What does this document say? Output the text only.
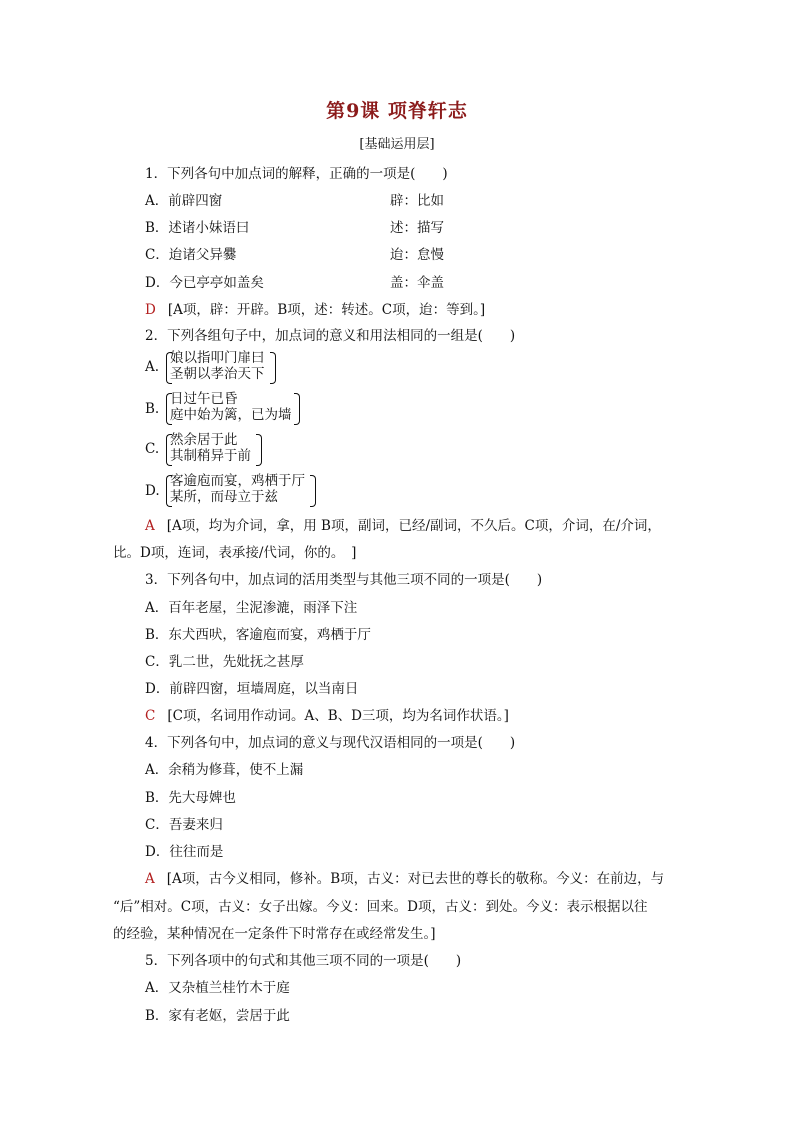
第9课 项脊轩志
[基础运用层]
1．下列各句中加点词的解释，正确的一项是(　　)
A．前辟四窗	辟：比如
B．述诸小妹语曰	述：描写
C．迨诸父异爨	迨：怠慢
D．今已亭亭如盖矣	盖：伞盖
D [A项，辟：开辟。B项，述：转述。C项，迨：等到。]
2．下列各组句子中，加点词的意义和用法相同的一组是(　　)
A.
娘以指叩门扉曰
圣朝以孝治天下
B.
日过午已昏
庭中始为篱，已为墙
C.
然余居于此
其制稍异于前
D.
客逾庖而宴，鸡栖于厅
某所，而母立于兹
A [A项，均为介词，拿，用 B项，副词，已经/副词，不久后。C项，介词，在/介词，
比。D项，连词，表承接/代词，你的。　]
3．下列各句中，加点词的活用类型与其他三项不同的一项是(　　)
A．百年老屋，尘泥渗漉，雨泽下注
B．东犬西吠，客逾庖而宴，鸡栖于厅
C．乳二世，先妣抚之甚厚
D．前辟四窗，垣墙周庭，以当南日
C [C项，名词用作动词。A、B、D三项，均为名词作状语。]
4．下列各句中，加点词的意义与现代汉语相同的一项是(　　)
A．余稍为修葺，使不上漏
B．先大母婢也
C．吾妻来归
D．往往而是
A [A项，古今义相同，修补。B项，古义：对已去世的尊长的敬称。今义：在前边，与
“后”相对。C项，古义：女子出嫁。今义：回来。D项，古义：到处。今义：表示根据以往
的经验，某种情况在一定条件下时常存在或经常发生。]
5．下列各项中的句式和其他三项不同的一项是(　　)
A．又杂植兰桂竹木于庭
B．家有老妪，尝居于此
